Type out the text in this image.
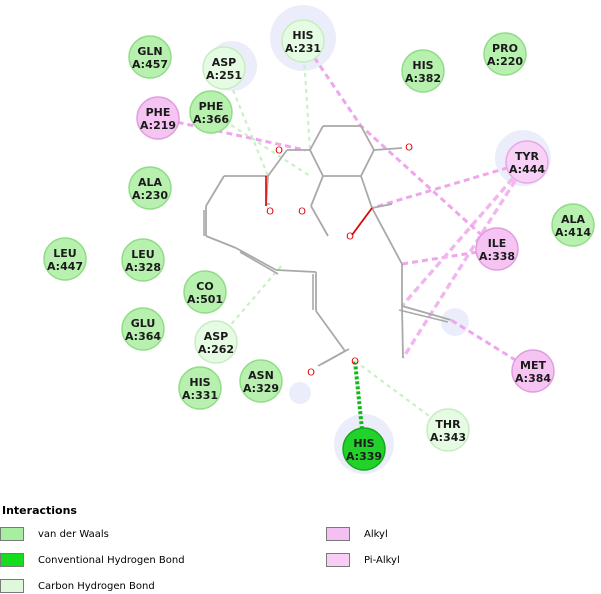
O	O
O O
O
O
O
GLN
A:457	ASP
A:251
HIS
A:231
HIS
A:382
PRO
A:220
PHE
A:219
PHE
A:366
TYR
A:444
ALA
A:230
ALA
A:414
LEU
A:447
LEU
A:328
ILE
A:338
CO
A:501
GLU
A:364	ASP
A:262
MET
A:384
HIS
A:331
ASN
A:329
THR
A:343
HIS
A:339
Interactions
van der Waals
Conventional Hydrogen Bond
Carbon Hydrogen Bond
Alkyl
Pi-Alkyl
